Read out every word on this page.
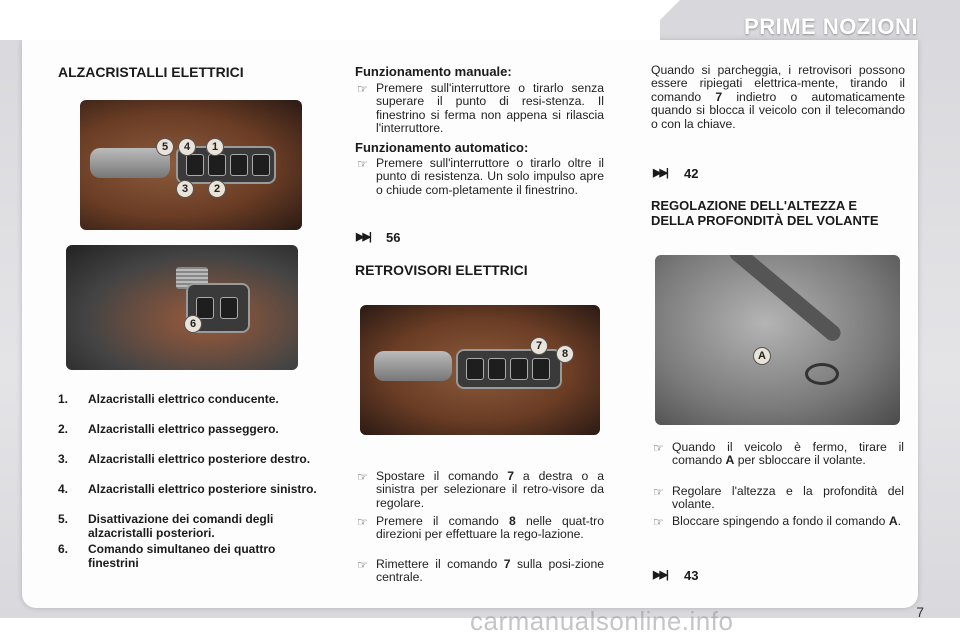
PRIME NOZIONI
ALZACRISTALLI ELETTRICI
5	4	1
3	2
6
1. Alzacristalli elettrico conducente.
2. Alzacristalli elettrico passeggero.
3. Alzacristalli elettrico posteriore destro.
4. Alzacristalli elettrico posteriore sinistro.
5. Disattivazione dei comandi degli alzacristalli posteriori.
6. Comando simultaneo dei quattro finestrini
Funzionamento manuale:
☞ Premere sull'interruttore o tirarlo senza superare il punto di resi-stenza. Il finestrino si ferma non appena si rilascia l'interruttore.
Funzionamento automatico:
☞ Premere sull'interruttore o tirarlo oltre il punto di resistenza. Un solo impulso apre o chiude com-pletamente il finestrino.
▶▶| 56
RETROVISORI ELETTRICI
7
8
☞ Spostare il comando 7 a destra o a sinistra per selezionare il retro-visore da regolare.
☞ Premere il comando 8 nelle quat-tro direzioni per effettuare la rego-lazione.
☞ Rimettere il comando 7 sulla posi-zione centrale.
Quando si parcheggia, i retrovisori possono essere ripiegati elettrica-mente, tirando il comando 7 indietro o automaticamente quando si blocca il veicolo con il telecomando o con la chiave.
▶▶| 42
REGOLAZIONE DELL'ALTEZZA E DELLA PROFONDITÀ DEL VOLANTE
A
☞ Quando il veicolo è fermo, tirare il comando A per sbloccare il volante.
☞ Regolare l'altezza e la profondità del volante.
☞ Bloccare spingendo a fondo il comando A.
▶▶| 43
carmanualsonline.info	7
